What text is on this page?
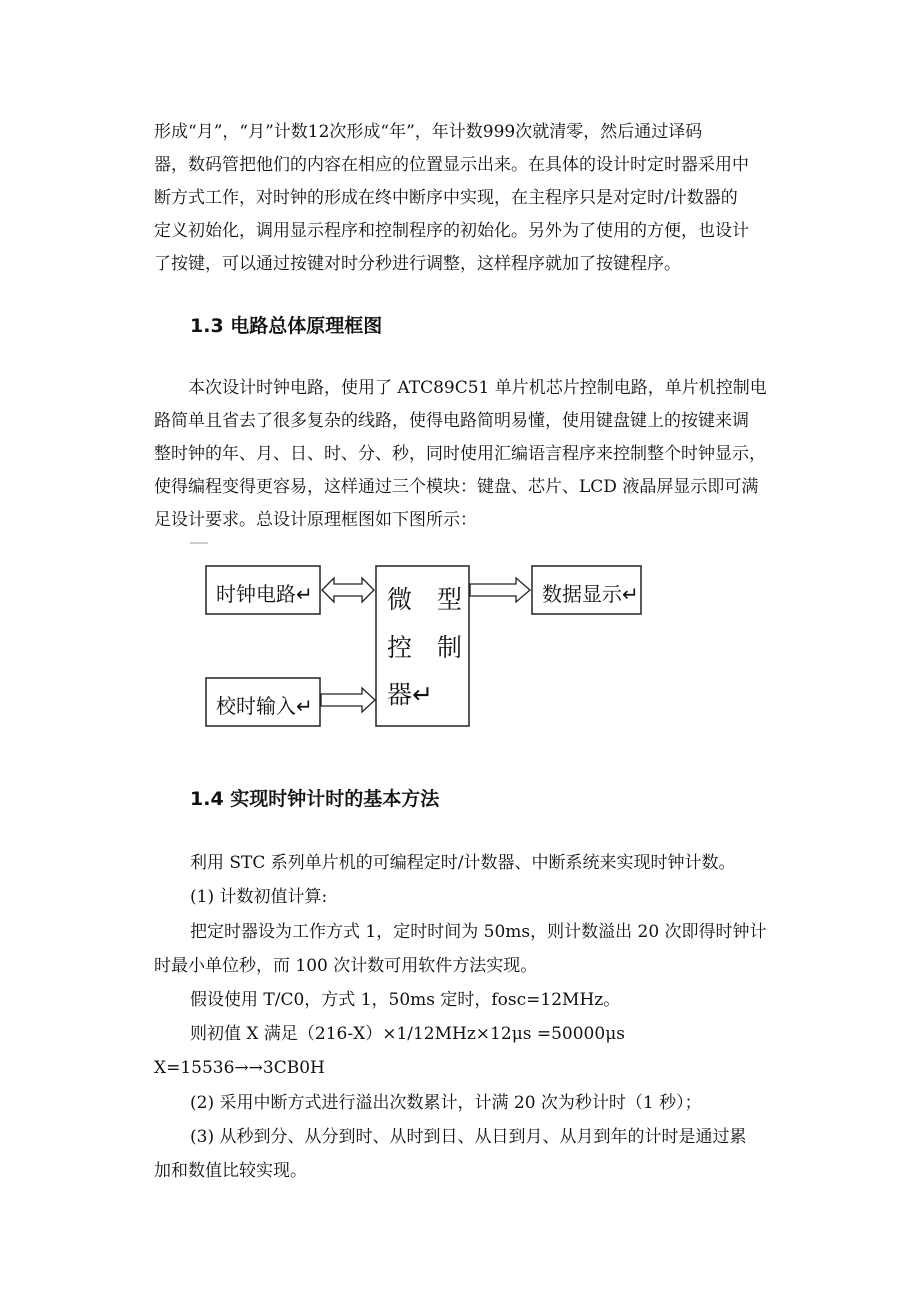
形成“月”，“月”计数12次形成“年”，年计数999次就清零，然后通过译码
器，数码管把他们的内容在相应的位置显示出来。在具体的设计时定时器采用中
断方式工作，对时钟的形成在终中断序中实现，在主程序只是对定时/计数器的
定义初始化，调用显示程序和控制程序的初始化。另外为了使用的方便，也设计
了按键，可以通过按键对时分秒进行调整，这样程序就加了按键程序。
1.3 电路总体原理框图
　　本次设计时钟电路，使用了 ATC89C51 单片机芯片控制电路，单片机控制电
路简单且省去了很多复杂的线路，使得电路简明易懂，使用键盘键上的按键来调
整时钟的年、月、日、时、分、秒，同时使用汇编语言程序来控制整个时钟显示，
使得编程变得更容易，这样通过三个模块：键盘、芯片、LCD 液晶屏显示即可满
足设计要求。总设计原理框图如下图所示：
时钟电路↵	微　型
控　制
器↵
数据显示↵
校时输入↵
1.4 实现时钟计时的基本方法

利用 STC 系列单片机的可编程定时/计数器、中断系统来实现时钟计数。

(1) 计数初值计算:

把定时器设为工作方式 1，定时时间为 50ms，则计数溢出 20 次即得时钟计

时最小单位秒，而 100 次计数可用软件方法实现。

假设使用 T/C0，方式 1，50ms 定时，fosc=12MHz。

则初值 X 满足（216-X）×1/12MHz×12μs =50000μs

X=15536→→3CB0H

(2) 采用中断方式进行溢出次数累计，计满 20 次为秒计时（1 秒）；

(3) 从秒到分、从分到时、从时到日、从日到月、从月到年的计时是通过累

加和数值比较实现。
